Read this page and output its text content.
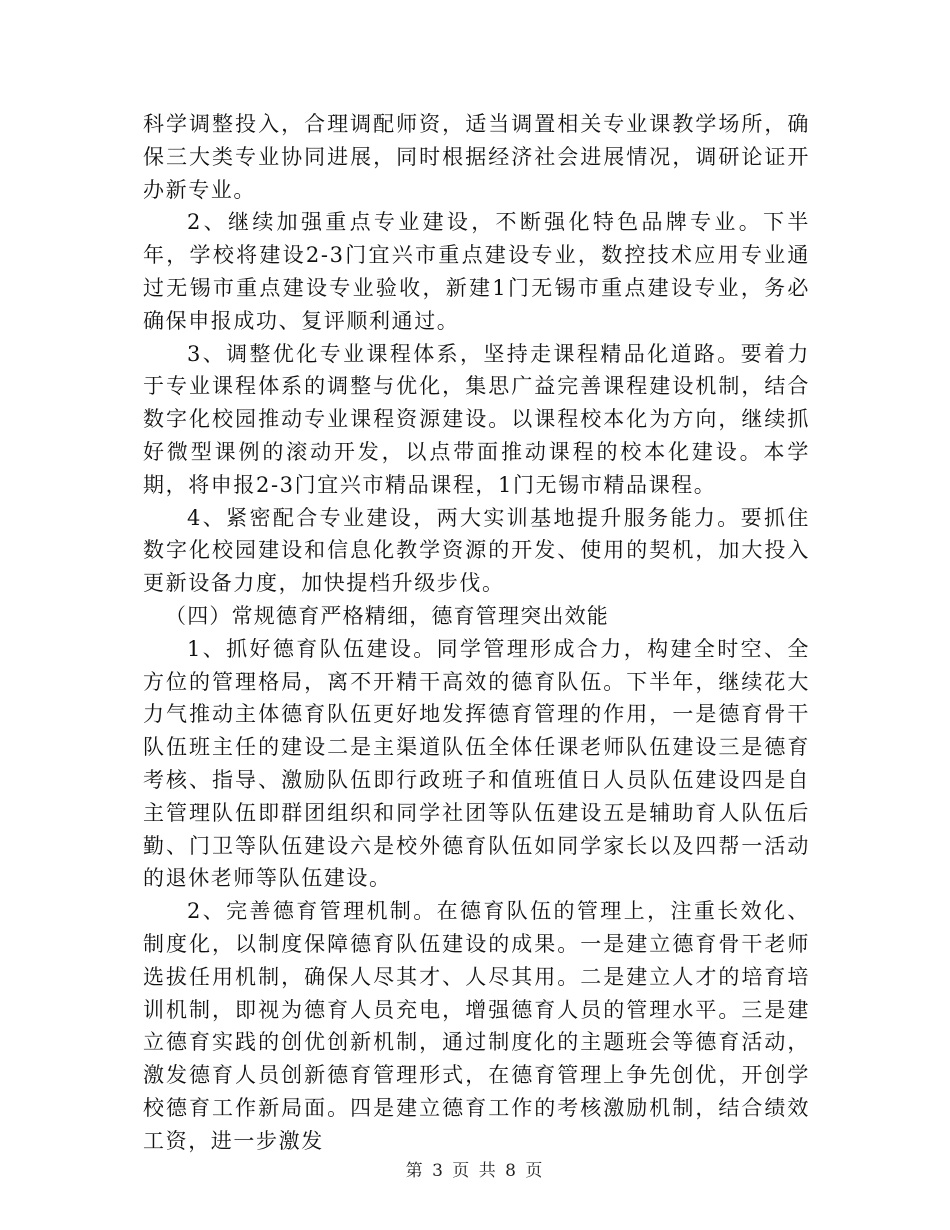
科学调整投入，合理调配师资，适当调置相关专业课教学场所，确保三大类专业协同进展，同时根据经济社会进展情况，调研论证开办新专业。

2、继续加强重点专业建设，不断强化特色品牌专业。下半年，学校将建设2-3门宜兴市重点建设专业，数控技术应用专业通过无锡市重点建设专业验收，新建1门无锡市重点建设专业，务必确保申报成功、复评顺利通过。

3、调整优化专业课程体系，坚持走课程精品化道路。要着力于专业课程体系的调整与优化，集思广益完善课程建设机制，结合数字化校园推动专业课程资源建设。以课程校本化为方向，继续抓好微型课例的滚动开发，以点带面推动课程的校本化建设。本学期，将申报2-3门宜兴市精品课程，1门无锡市精品课程。

4、紧密配合专业建设，两大实训基地提升服务能力。要抓住数字化校园建设和信息化教学资源的开发、使用的契机，加大投入更新设备力度，加快提档升级步伐。

（四）常规德育严格精细，德育管理突出效能

1、抓好德育队伍建设。同学管理形成合力，构建全时空、全方位的管理格局，离不开精干高效的德育队伍。下半年，继续花大力气推动主体德育队伍更好地发挥德育管理的作用，一是德育骨干队伍班主任的建设二是主渠道队伍全体任课老师队伍建设三是德育考核、指导、激励队伍即行政班子和值班值日人员队伍建设四是自主管理队伍即群团组织和同学社团等队伍建设五是辅助育人队伍后勤、门卫等队伍建设六是校外德育队伍如同学家长以及四帮一活动的退休老师等队伍建设。

2、完善德育管理机制。在德育队伍的管理上，注重长效化、制度化，以制度保障德育队伍建设的成果。一是建立德育骨干老师选拔任用机制，确保人尽其才、人尽其用。二是建立人才的培育培训机制，即视为德育人员充电，增强德育人员的管理水平。三是建立德育实践的创优创新机制，通过制度化的主题班会等德育活动，激发德育人员创新德育管理形式，在德育管理上争先创优，开创学校德育工作新局面。四是建立德育工作的考核激励机制，结合绩效工资，进一步激发

第 3 页 共 8 页
